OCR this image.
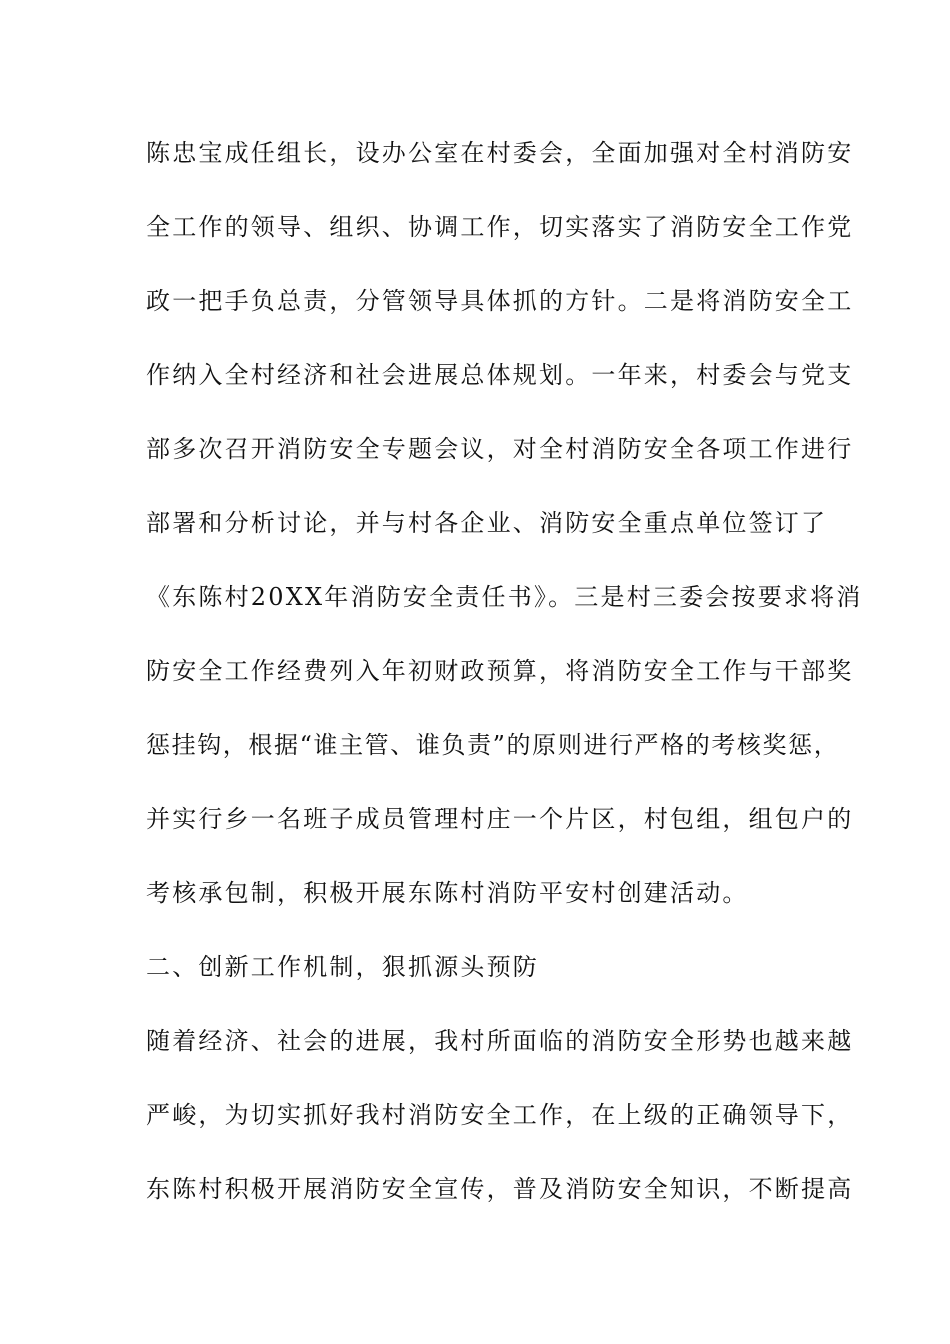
陈忠宝成任组长，设办公室在村委会，全面加强对全村消防安
全工作的领导、组织、协调工作，切实落实了消防安全工作党
政一把手负总责，分管领导具体抓的方针。二是将消防安全工
作纳入全村经济和社会进展总体规划。一年来，村委会与党支
部多次召开消防安全专题会议，对全村消防安全各项工作进行
部署和分析讨论，并与村各企业、消防安全重点单位签订了
《东陈村20XX年消防安全责任书》。三是村三委会按要求将消
防安全工作经费列入年初财政预算，将消防安全工作与干部奖
惩挂钩，根据“谁主管、谁负责”的原则进行严格的考核奖惩，
并实行乡一名班子成员管理村庄一个片区，村包组，组包户的
考核承包制，积极开展东陈村消防平安村创建活动。
二、创新工作机制，狠抓源头预防
随着经济、社会的进展，我村所面临的消防安全形势也越来越
严峻，为切实抓好我村消防安全工作，在上级的正确领导下，
东陈村积极开展消防安全宣传，普及消防安全知识，不断提高
